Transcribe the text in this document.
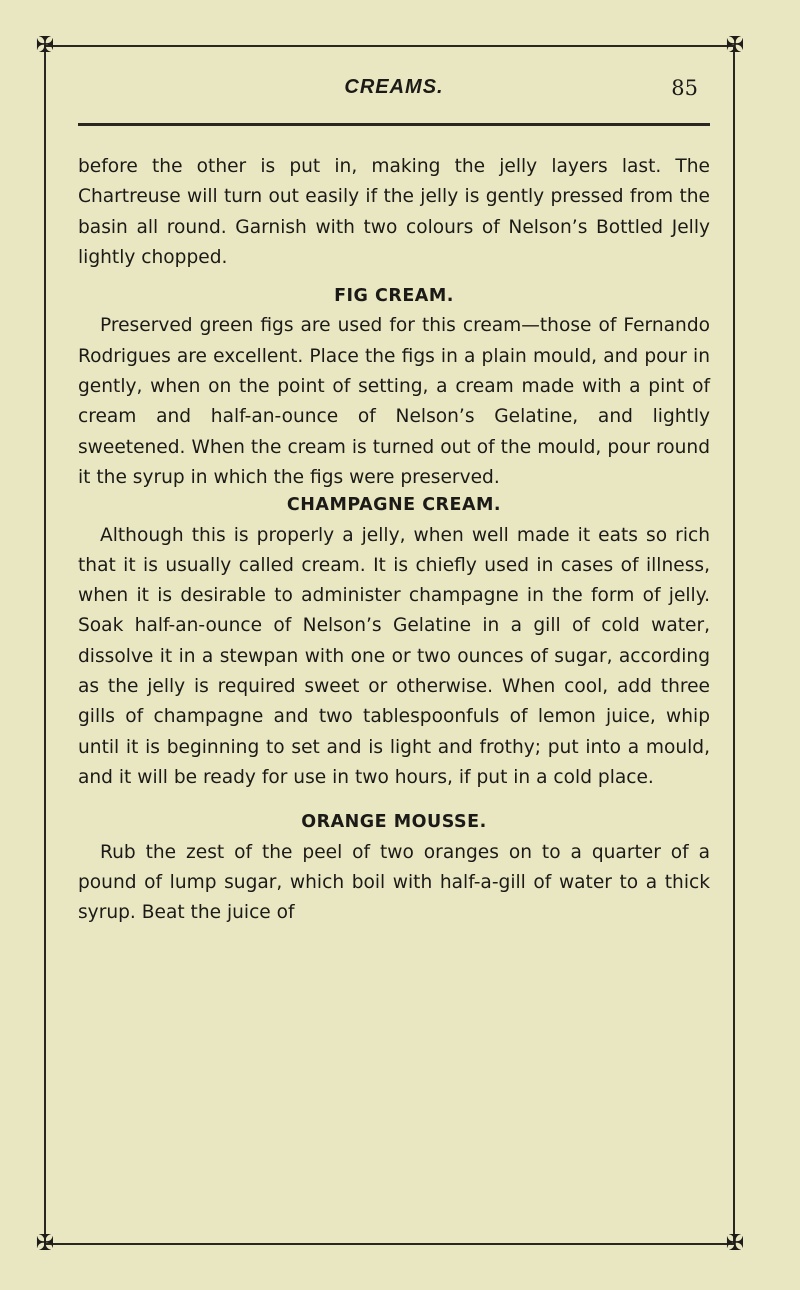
✠	✠
✠	✠
CREAMS.	85

before the other is put in, making the jelly layers last. The Chartreuse will turn out easily if the jelly is gently pressed from the basin all round. Garnish with two colours of Nelson’s Bottled Jelly lightly chopped.

FIG CREAM.

Preserved green figs are used for this cream—those of Fernando Rodrigues are excellent. Place the figs in a plain mould, and pour in gently, when on the point of setting, a cream made with a pint of cream and half-an-ounce of Nelson’s Gelatine, and lightly sweetened. When the cream is turned out of the mould, pour round it the syrup in which the figs were preserved.

CHAMPAGNE CREAM.

Although this is properly a jelly, when well made it eats so rich that it is usually called cream. It is chiefly used in cases of illness, when it is desirable to administer champagne in the form of jelly. Soak half-an-ounce of Nelson’s Gelatine in a gill of cold water, dissolve it in a stewpan with one or two ounces of sugar, according as the jelly is required sweet or otherwise. When cool, add three gills of champagne and two tablespoonfuls of lemon juice, whip until it is beginning to set and is light and frothy; put into a mould, and it will be ready for use in two hours, if put in a cold place.

ORANGE MOUSSE.

Rub the zest of the peel of two oranges on to a quarter of a pound of lump sugar, which boil with half-a-gill of water to a thick syrup. Beat the juice of
